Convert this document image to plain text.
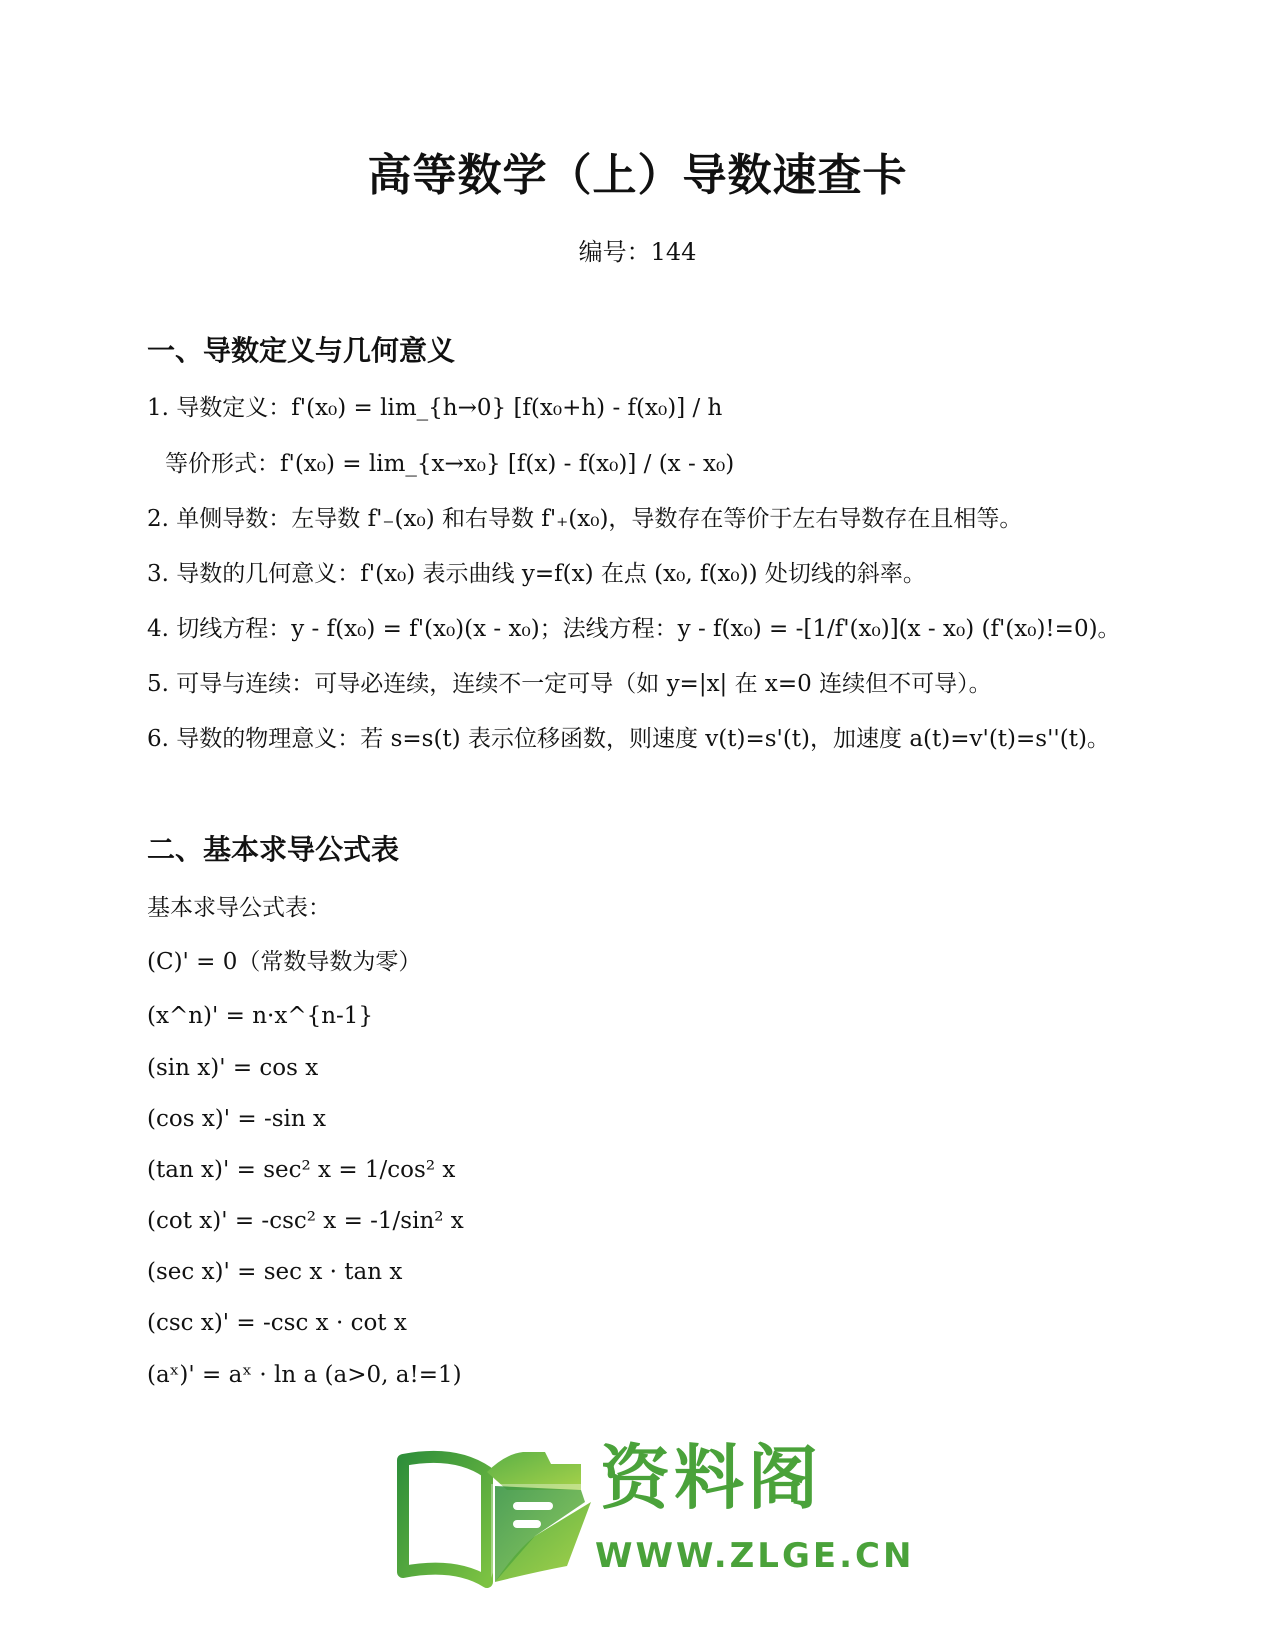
高等数学（上）导数速查卡
编号：144
一、导数定义与几何意义
1. 导数定义：f'(x₀) = lim_{h→0} [f(x₀+h) - f(x₀)] / h
等价形式：f'(x₀) = lim_{x→x₀} [f(x) - f(x₀)] / (x - x₀)
2. 单侧导数：左导数 f'₋(x₀) 和右导数 f'₊(x₀)，导数存在等价于左右导数存在且相等。
3. 导数的几何意义：f'(x₀) 表示曲线 y=f(x) 在点 (x₀, f(x₀)) 处切线的斜率。
4. 切线方程：y - f(x₀) = f'(x₀)(x - x₀)；法线方程：y - f(x₀) = -[1/f'(x₀)](x - x₀) (f'(x₀)!=0)。
5. 可导与连续：可导必连续，连续不一定可导（如 y=|x| 在 x=0 连续但不可导）。
6. 导数的物理意义：若 s=s(t) 表示位移函数，则速度 v(t)=s'(t)，加速度 a(t)=v'(t)=s''(t)。
二、基本求导公式表
基本求导公式表：
(C)' = 0（常数导数为零）
(x^n)' = n·x^{n-1}
(sin x)' = cos x
(cos x)' = -sin x
(tan x)' = sec² x = 1/cos² x
(cot x)' = -csc² x = -1/sin² x
(sec x)' = sec x · tan x
(csc x)' = -csc x · cot x
(aˣ)' = aˣ · ln a (a>0, a!=1)
资料阁
WWW.ZLGE.CN
